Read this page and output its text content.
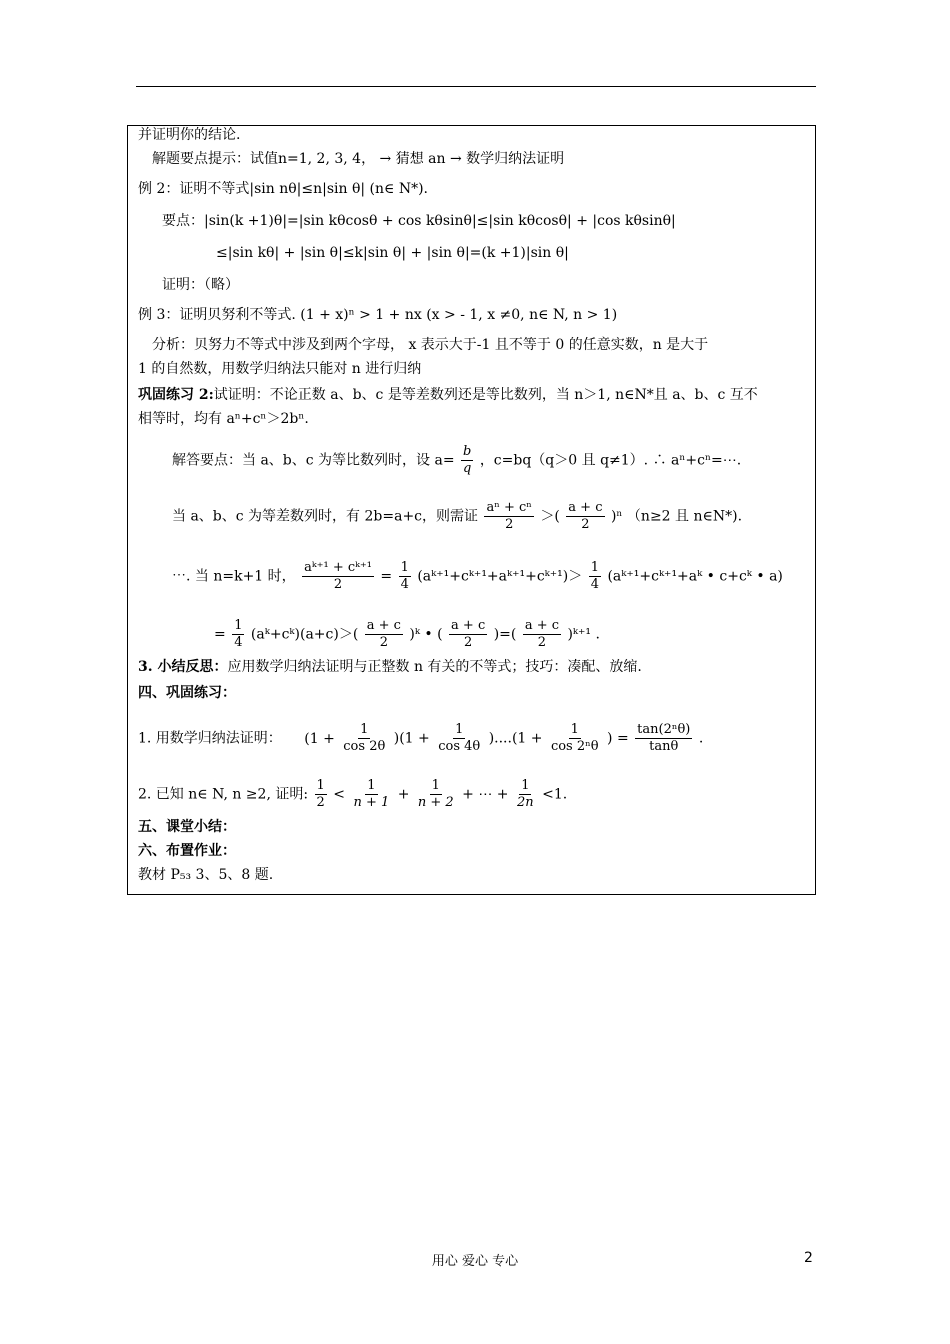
并证明你的结论.
解题要点提示：试值n=1, 2, 3, 4， → 猜想 an → 数学归纳法证明
例 2：证明不等式|sin nθ|≤n|sin θ| (n∈ N*).
要点：|sin(k +1)θ|=|sin kθcosθ + cos kθsinθ|≤|sin kθcosθ| + |cos kθsinθ|
≤|sin kθ| + |sin θ|≤k|sin θ| + |sin θ|=(k +1)|sin θ|
证明：（略）
例 3：证明贝努利不等式. (1 + x)ⁿ > 1 + nx (x > - 1, x ≠0, n∈ N, n > 1)
分析：贝努力不等式中涉及到两个字母， x 表示大于-1 且不等于 0 的任意实数，n 是大于
1 的自然数，用数学归纳法只能对 n 进行归纳
巩固练习 2:试证明：不论正数 a、b、c 是等差数列还是等比数列，当 n＞1, n∈N*且 a、b、c 互不
相等时，均有 aⁿ+cⁿ＞2bⁿ.
解答要点：当 a、b、c 为等比数列时，设 $a= \frac{b}{q}$ ，c=bq（q＞0 且 q≠1）. ∴ aⁿ+cⁿ=⋯.
当 a、b、c 为等差数列时，有 2b=a+c，则需证 $\frac{\text{aⁿ + cⁿ}}{2}$ ＞( $\frac{a + c}{2} )^n$ （n≥2 且 n∈N*).
⋯. 当 n=k+1 时， $\frac{\text{aᵏ⁺¹ + cᵏ⁺¹}}{2} = \frac{1}{4}$ (aᵏ⁺¹+cᵏ⁺¹+aᵏ⁺¹+cᵏ⁺¹)＞ $\frac{1}{4}$ (aᵏ⁺¹+cᵏ⁺¹+aᵏ • c+cᵏ • a)
= $\frac{1}{4}$ (aᵏ+cᵏ)(a+c)＞( $\frac{a + c}{2}$ )ᵏ • ( $\frac{a + c}{2}$ )=( $\frac{a + c}{2}$ )ᵏ⁺¹ .
3. 小结反思：应用数学归纳法证明与正整数 n 有关的不等式；技巧：凑配、放缩.
四、巩固练习：
1. 用数学归纳法证明： $(1 + \frac{1}{\cos 2\theta} )(1 + \frac{1}{\cos 4\theta} )....(1 + \frac{1}{\text{cos 2ⁿθ}}$ ) = $\frac{\text{tan(2ⁿθ)}}{\tan\theta}$ .
2. 已知 n∈ N, n ≥2, 证明: $\frac{1}{2} < \frac{1}{n + 1} + \frac{1}{n + 2}$ + ⋯ + $\frac{1}{2n} <1$.
五、课堂小结：
六、布置作业：
教材 P₅₃ 3、5、8 题.
用心 爱心 专心	2
